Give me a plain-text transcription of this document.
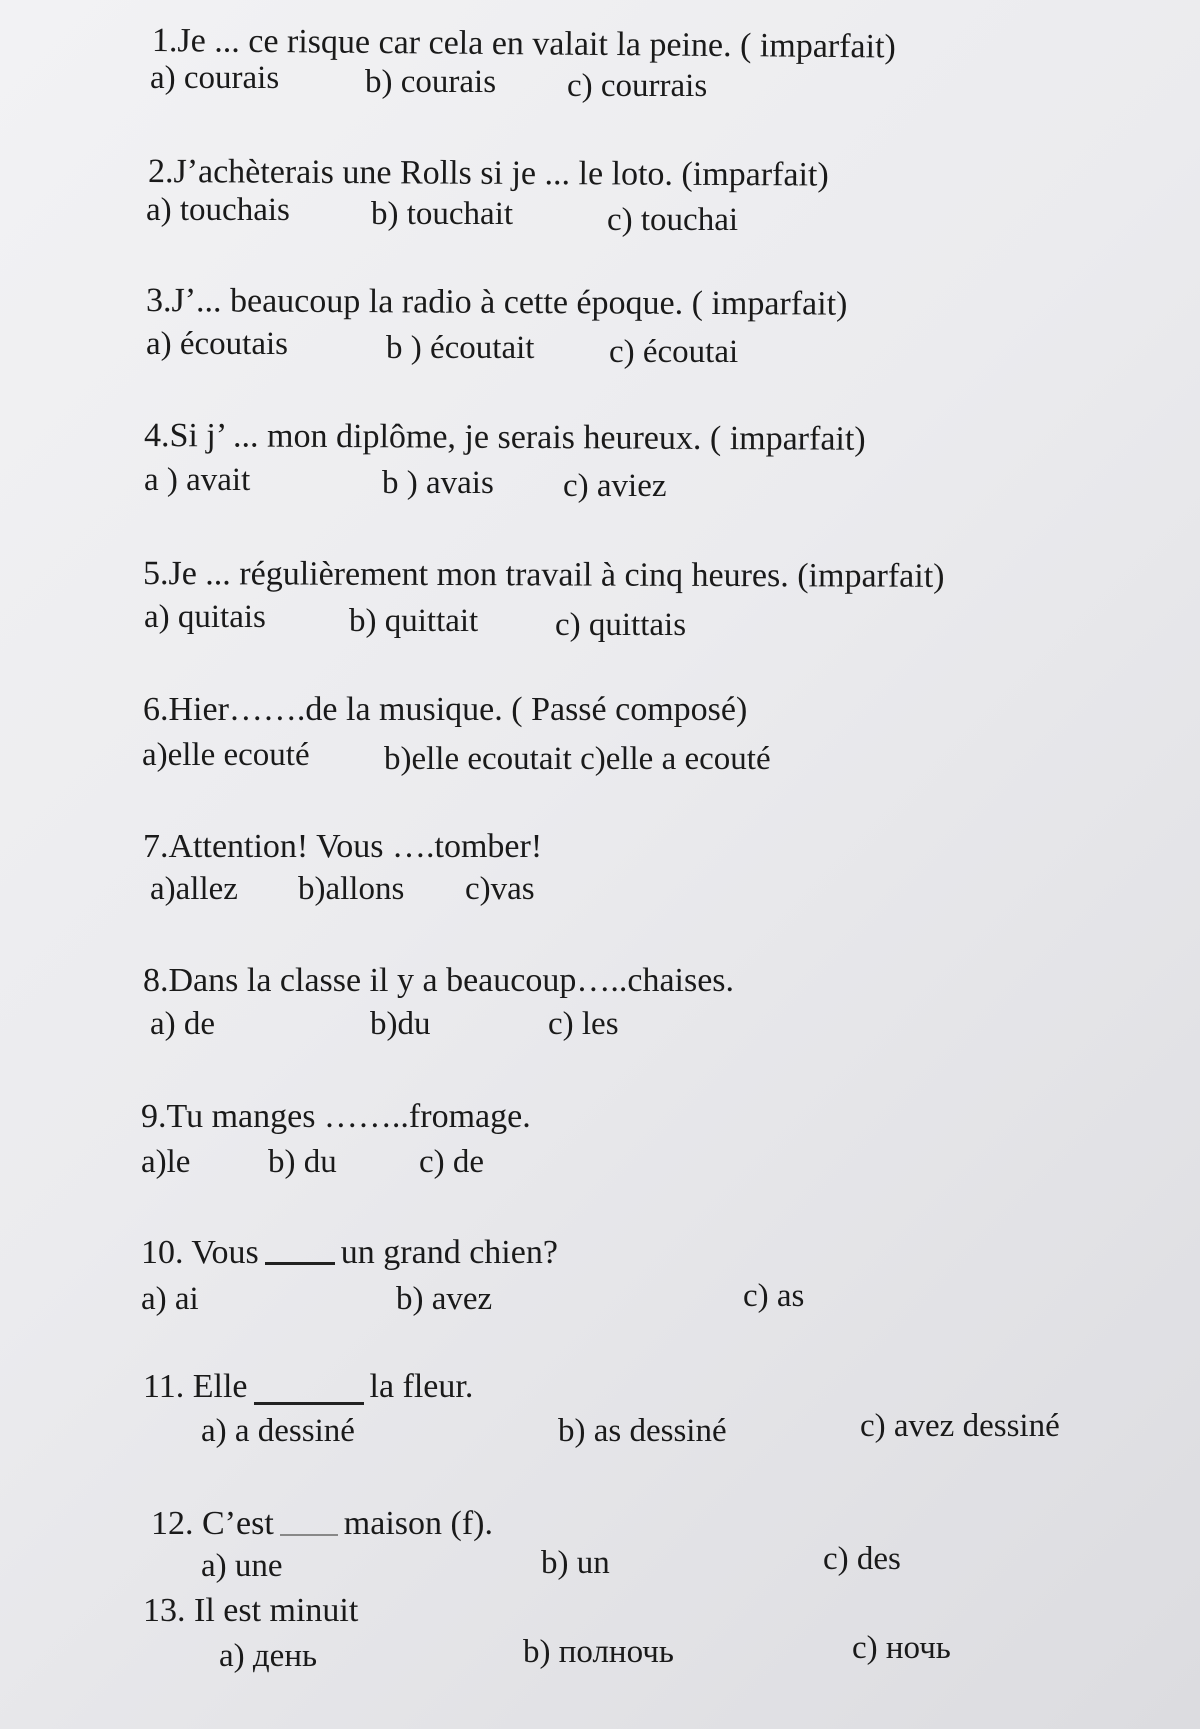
1.Je ... ce risque car cela en valait la peine. ( imparfait)
a) courais	b) courais c) courrais
2.J’achèterais une Rolls si je ... le loto. (imparfait)
a) touchais b) touchait	c) touchai
3.J’... beaucoup la radio à cette époque. ( imparfait)
a) écoutais	b ) écoutait c) écoutai
4.Si j’ ... mon diplôme, je serais heureux. ( imparfait)
a ) avait	b ) avais c) aviez
5.Je ... régulièrement mon travail à cinq heures. (imparfait)
a) quitais	b) quittait c) quittais
6.Hier…….de la musique. ( Passé composé)
a)elle ecouté b)elle ecoutait c)elle a ecouté
7.Attention! Vous ….tomber!
a)allez b)allons c)vas
8.Dans la classe il y a beaucoup…..chaises.
a) de	b)du	c) les
9.Tu manges ……..fromage.
a)le b) du c) de
10. Vous un grand chien?
a) ai	b) avez	c) as
11. Elle	la fleur.
a) a dessiné	b) as dessiné	c) avez dessiné
12. C’est maison (f).
a) une	b) un	c) des
13. Il est minuit
a) день	b) полночь	c) ночь
